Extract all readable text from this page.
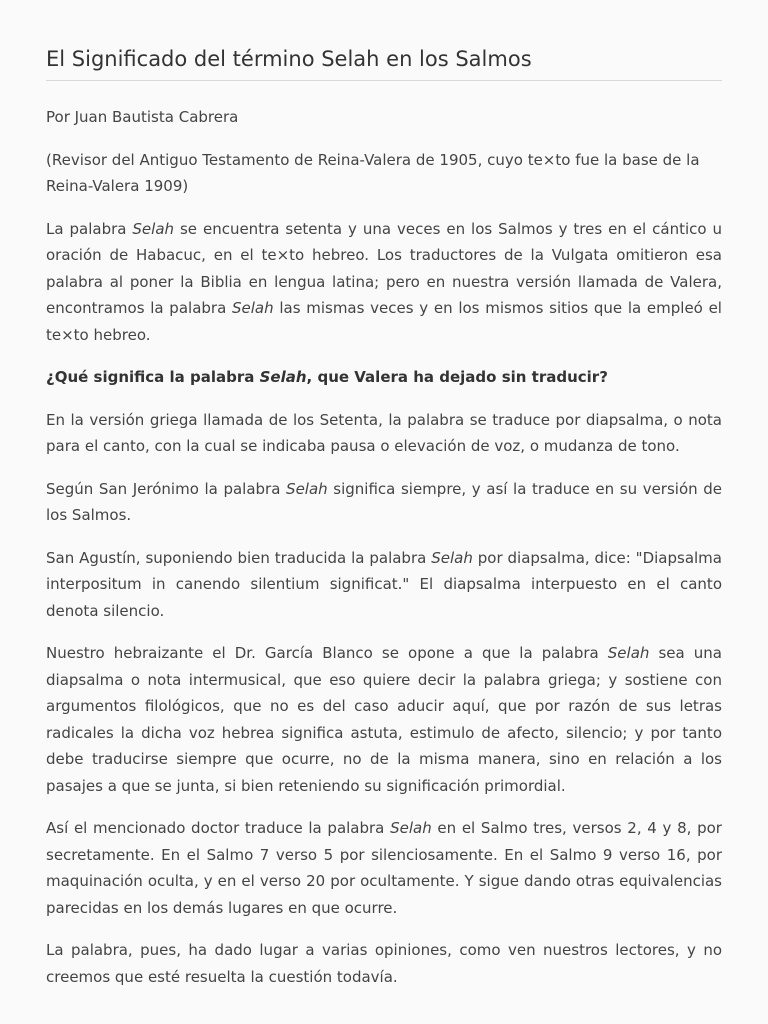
El Significado del término Selah en los Salmos

Por Juan Bautista Cabrera

(Revisor del Antiguo Testamento de Reina-Valera de 1905, cuyo te×to fue la base de la Reina-Valera 1909)

La palabra Selah se encuentra setenta y una veces en los Salmos y tres en el cántico u oración de Habacuc, en el te×to hebreo. Los traductores de la Vulgata omitieron esa palabra al poner la Biblia en lengua latina; pero en nuestra versión llamada de Valera, encontramos la palabra Selah las mismas veces y en los mismos sitios que la empleó el te×to hebreo.

¿Qué significa la palabra Selah, que Valera ha dejado sin traducir?

En la versión griega llamada de los Setenta, la palabra se traduce por diapsalma, o nota para el canto, con la cual se indicaba pausa o elevación de voz, o mudanza de tono.

Según San Jerónimo la palabra Selah significa siempre, y así la traduce en su versión de los Salmos.

San Agustín, suponiendo bien traducida la palabra Selah por diapsalma, dice: "Diapsalma interpositum in canendo silentium significat." El diapsalma interpuesto en el canto denota silencio.

Nuestro hebraizante el Dr. García Blanco se opone a que la palabra Selah sea una diapsalma o nota intermusical, que eso quiere decir la palabra griega; y sostiene con argumentos filológicos, que no es del caso aducir aquí, que por razón de sus letras radicales la dicha voz hebrea significa astuta, estimulo de afecto, silencio; y por tanto debe traducirse siempre que ocurre, no de la misma manera, sino en relación a los pasajes a que se junta, si bien reteniendo su significación primordial.

Así el mencionado doctor traduce la palabra Selah en el Salmo tres, versos 2, 4 y 8, por secretamente. En el Salmo 7 verso 5 por silenciosamente. En el Salmo 9 verso 16, por maquinación oculta, y en el verso 20 por ocultamente. Y sigue dando otras equivalencias parecidas en los demás lugares en que ocurre.

La palabra, pues, ha dado lugar a varias opiniones, como ven nuestros lectores, y no creemos que esté resuelta la cuestión todavía.
